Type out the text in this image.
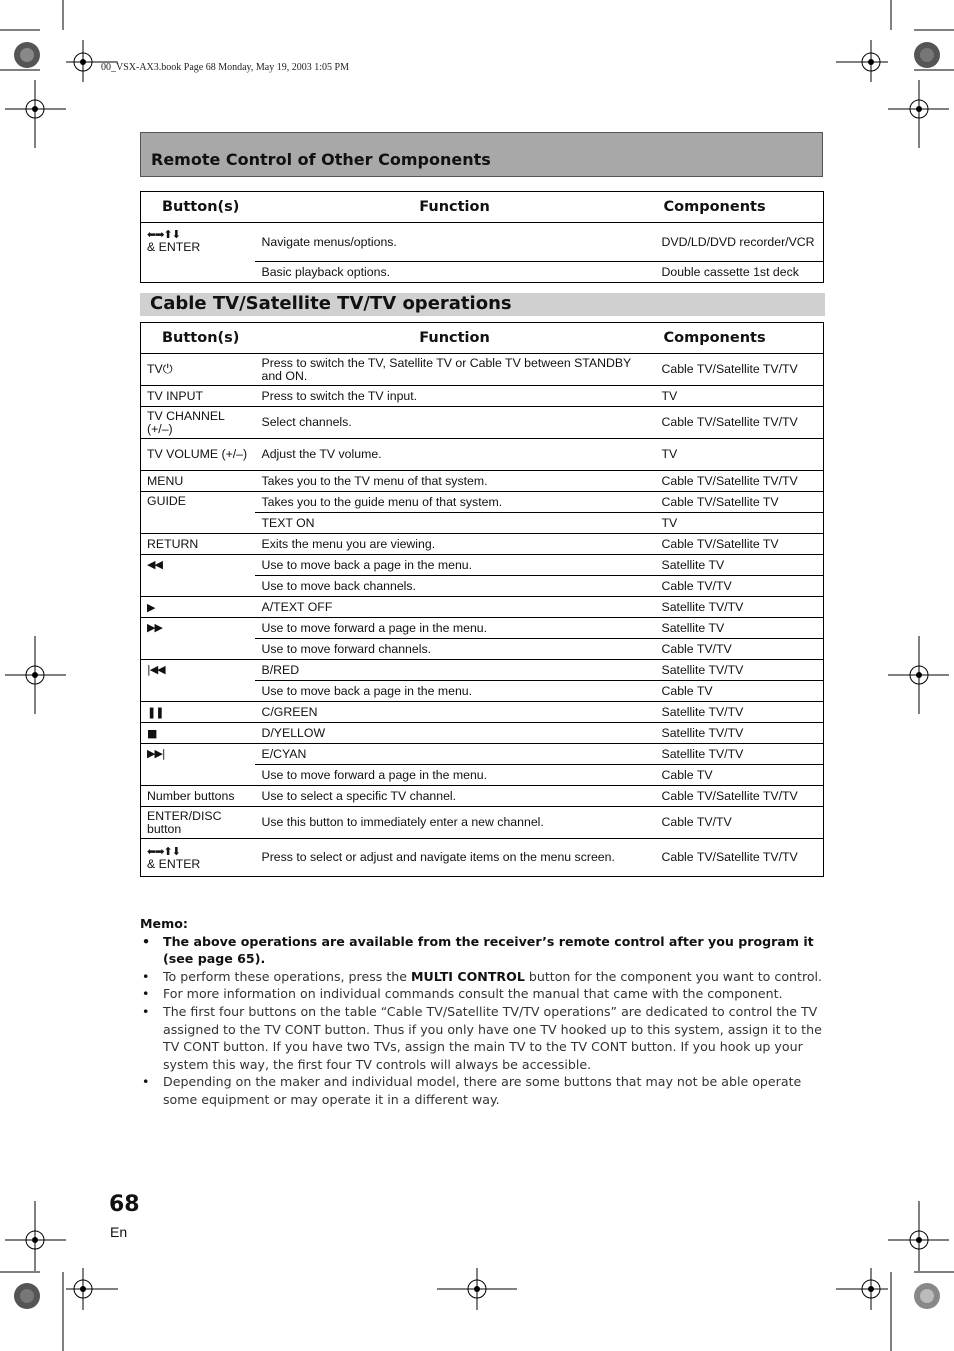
00_VSX-AX3.book Page 68 Monday, May 19, 2003 1:05 PM
Remote Control of Other Components
Button(s)	Function	Components

⬅➡⬆⬇
& ENTER	Navigate menus/options.	DVD/LD/DVD recorder/VCR
	Basic playback options.	Double cassette 1st deck
Cable TV/Satellite TV/TV operations
Button(s)	Function	Components
TV⏻	Press to switch the TV, Satellite TV or Cable TV between STANDBY and ON.	Cable TV/Satellite TV/TV
TV INPUT	Press to switch the TV input.	TV
TV CHANNEL (+/–)	Select channels.	Cable TV/Satellite TV/TV
TV VOLUME (+/–)	Adjust the TV volume.	TV
MENU	Takes you to the TV menu of that system.	Cable TV/Satellite TV/TV
GUIDE	Takes you to the guide menu of that system.	Cable TV/Satellite TV
	TEXT ON	TV
RETURN	Exits the menu you are viewing.	Cable TV/Satellite TV
◀◀	Use to move back a page in the menu.	Satellite TV
	Use to move back channels.	Cable TV/TV
▶	A/TEXT OFF	Satellite TV/TV
▶▶	Use to move forward a page in the menu.	Satellite TV
	Use to move forward channels.	Cable TV/TV
|◀◀	B/RED	Satellite TV/TV
	Use to move back a page in the menu.	Cable TV
❚❚	C/GREEN	Satellite TV/TV
■	D/YELLOW	Satellite TV/TV
▶▶|	E/CYAN	Satellite TV/TV
	Use to move forward a page in the menu.	Cable TV
Number buttons	Use to select a specific TV channel.	Cable TV/Satellite TV/TV
ENTER/DISC button	Use this button to immediately enter a new channel.	Cable TV/TV

⬅➡⬆⬇
& ENTER	Press to select or adjust and navigate items on the menu screen.	Cable TV/Satellite TV/TV
Memo:
• The above operations are available from the receiver’s remote control after you program it (see page 65).
• To perform these operations, press the MULTI CONTROL button for the component you want to control.
• For more information on individual commands consult the manual that came with the component.
• The first four buttons on the table “Cable TV/Satellite TV/TV operations” are dedicated to control the TV assigned to the TV CONT button. Thus if you only have one TV hooked up to this system, assign it to the TV CONT button. If you have two TVs, assign the main TV to the TV CONT button. If you hook up your system this way, the first four TV controls will always be accessible.
• Depending on the maker and individual model, there are some buttons that may not be able operate some equipment or may operate it in a different way.
68
En
